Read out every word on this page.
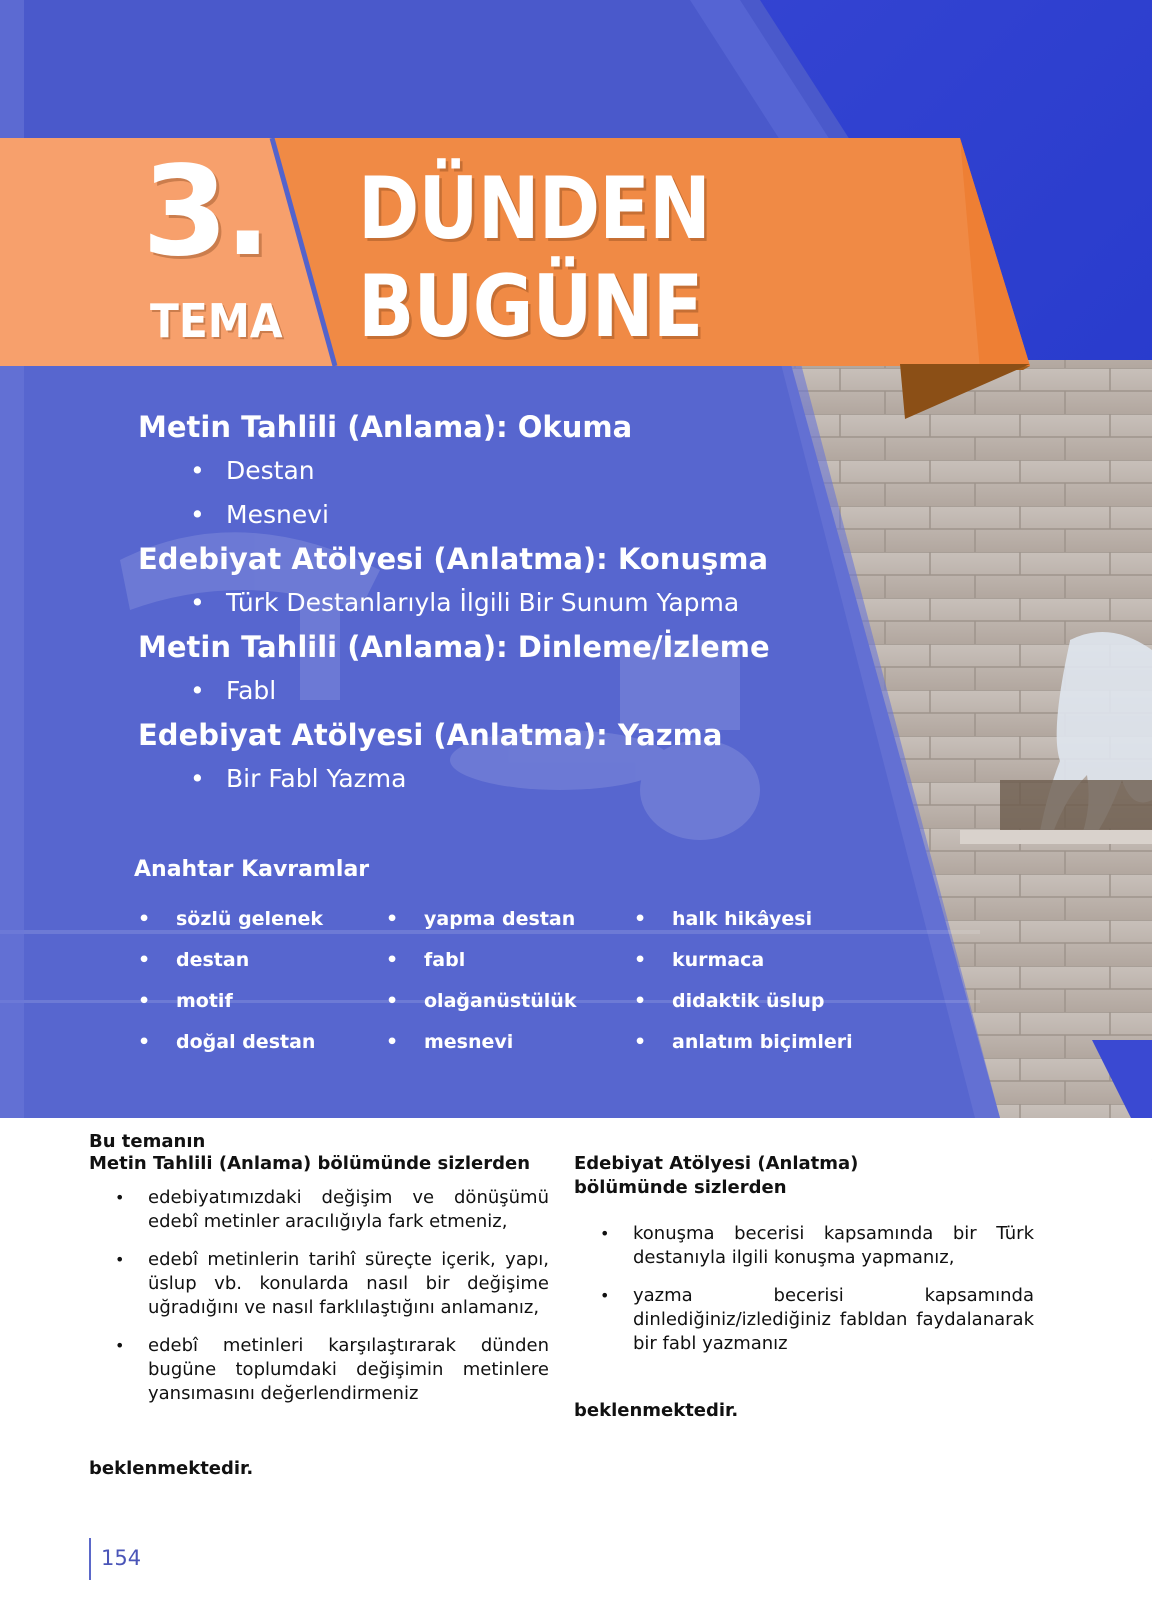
3.
TEMA
DÜNDEN
BUGÜNE
Metin Tahlili (Anlama): Okuma
• Destan
• Mesnevi
Edebiyat Atölyesi (Anlatma): Konuşma
• Türk Destanlarıyla İlgili Bir Sunum Yapma
Metin Tahlili (Anlama): Dinleme/İzleme
• Fabl
Edebiyat Atölyesi (Anlatma): Yazma
• Bir Fabl Yazma
Anahtar Kavramlar
• sözlü gelenek
• destan
• motif
• doğal destan
• yapma destan
• fabl
• olağanüstülük
• mesnevi
• halk hikâyesi
• kurmaca
• didaktik üslup
• anlatım biçimleri
Bu temanın
Metin Tahlili (Anlama) bölümünde sizlerden
• edebiyatımızdaki değişim ve dönüşümü edebî metinler aracılığıyla fark etmeniz,
• edebî metinlerin tarihî süreçte içerik, yapı, üslup vb. konularda nasıl bir değişime uğradığını ve nasıl farklılaştığını anlamanız,
• edebî metinleri karşılaştırarak dünden bugüne toplumdaki değişimin metinlere yansımasını değerlendirmeniz
beklenmektedir.
Edebiyat Atölyesi (Anlatma) bölümünde sizlerden
• konuşma becerisi kapsamında bir Türk destanıyla ilgili konuşma yapmanız,
• yazma becerisi kapsamında dinlediğiniz/izlediğiniz fabldan faydalanarak bir fabl yazmanız
beklenmektedir.
154
